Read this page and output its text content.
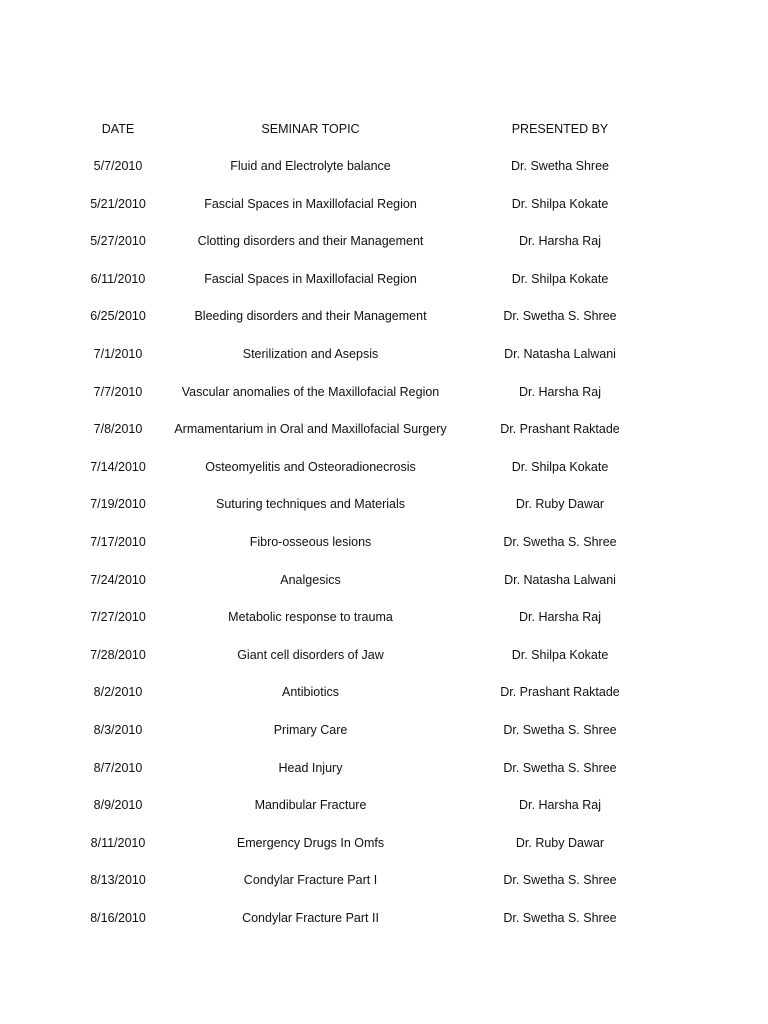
DATE	SEMINAR TOPIC	PRESENTED BY
5/7/2010	Fluid and Electrolyte balance	Dr. Swetha Shree
5/21/2010	Fascial Spaces in Maxillofacial Region	Dr. Shilpa Kokate
5/27/2010	Clotting disorders and their Management	Dr. Harsha Raj
6/11/2010	Fascial Spaces in Maxillofacial Region	Dr. Shilpa Kokate
6/25/2010	Bleeding disorders and their Management	Dr. Swetha S. Shree
7/1/2010	Sterilization and Asepsis	Dr. Natasha Lalwani
7/7/2010	Vascular anomalies of the Maxillofacial Region	Dr. Harsha Raj
7/8/2010	Armamentarium in Oral and Maxillofacial Surgery	Dr. Prashant Raktade
7/14/2010	Osteomyelitis and Osteoradionecrosis	Dr. Shilpa Kokate
7/19/2010	Suturing techniques and Materials	Dr. Ruby Dawar
7/17/2010	Fibro-osseous lesions	Dr. Swetha S. Shree
7/24/2010	Analgesics	Dr. Natasha Lalwani
7/27/2010	Metabolic response to trauma	Dr. Harsha Raj
7/28/2010	Giant cell disorders of Jaw	Dr. Shilpa Kokate
8/2/2010	Antibiotics	Dr. Prashant Raktade
8/3/2010	Primary Care	Dr. Swetha S. Shree
8/7/2010	Head Injury	Dr. Swetha S. Shree
8/9/2010	Mandibular Fracture	Dr. Harsha Raj
8/11/2010	Emergency Drugs In Omfs	Dr. Ruby Dawar
8/13/2010	Condylar Fracture Part I	Dr. Swetha S. Shree
8/16/2010	Condylar Fracture Part II	Dr. Swetha S. Shree
